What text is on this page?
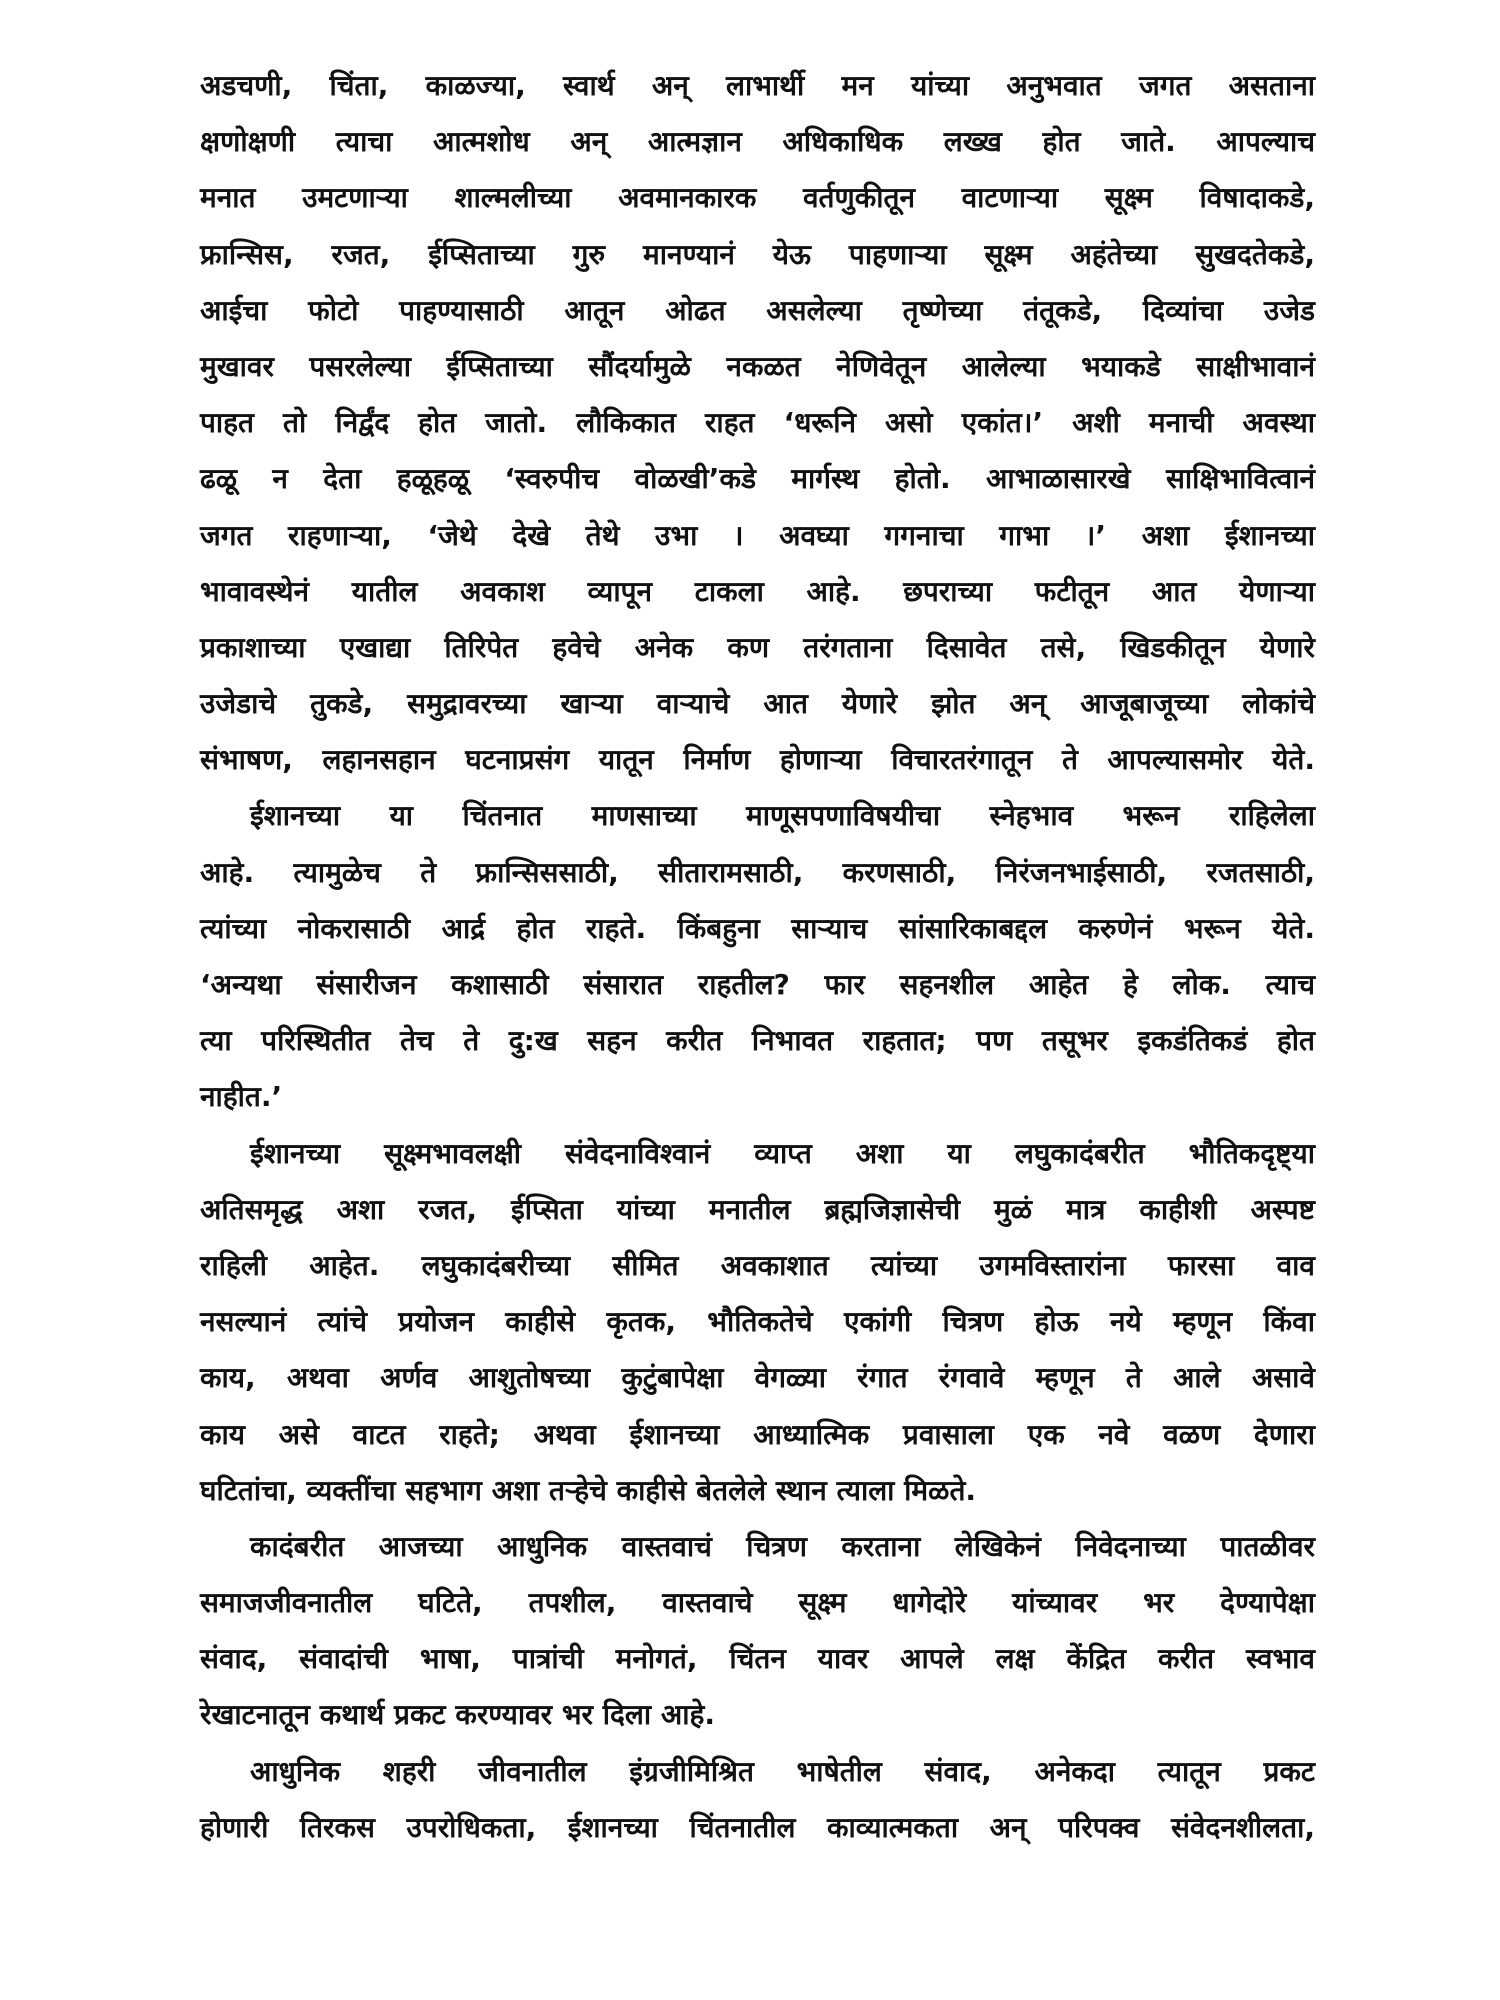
अडचणी, चिंता, काळज्या, स्वार्थ अन् लाभार्थी मन यांच्या अनुभवात जगत असताना
क्षणोक्षणी त्याचा आत्मशोध अन् आत्मज्ञान अधिकाधिक लख्ख होत जाते. आपल्याच
मनात उमटणाऱ्या शाल्मलीच्या अवमानकारक वर्तणुकीतून वाटणाऱ्या सूक्ष्म विषादाकडे,
फ्रान्सिस, रजत, ईप्सिताच्या गुरु मानण्यानं येऊ पाहणाऱ्या सूक्ष्म अहंतेच्या सुखदतेकडे,
आईचा फोटो पाहण्यासाठी आतून ओढत असलेल्या तृष्णेच्या तंतूकडे, दिव्यांचा उजेड
मुखावर पसरलेल्या ईप्सिताच्या सौंदर्यामुळे नकळत नेणिवेतून आलेल्या भयाकडे साक्षीभावानं
पाहत तो निर्द्वंद होत जातो. लौकिकात राहत ‘धरूनि असो एकांत।’ अशी मनाची अवस्था
ढळू न देता हळूहळू ‘स्वरुपीच वोळखी’कडे मार्गस्थ होतो. आभाळासारखे साक्षिभावित्वानं
जगत राहणाऱ्या, ‘जेथे देखे तेथे उभा । अवघ्या गगनाचा गाभा ।’ अशा ईशानच्या
भावावस्थेनं यातील अवकाश व्यापून टाकला आहे. छपराच्या फटीतून आत येणाऱ्या
प्रकाशाच्या एखाद्या तिरिपेत हवेचे अनेक कण तरंगताना दिसावेत तसे, खिडकीतून येणारे
उजेडाचे तुकडे, समुद्रावरच्या खाऱ्या वाऱ्याचे आत येणारे झोत अन् आजूबाजूच्या लोकांचे
संभाषण, लहानसहान घटनाप्रसंग यातून निर्माण होणाऱ्या विचारतरंगातून ते आपल्यासमोर येते.
ईशानच्या या चिंतनात माणसाच्या माणूसपणाविषयीचा स्नेहभाव भरून राहिलेला
आहे. त्यामुळेच ते फ्रान्सिससाठी, सीतारामसाठी, करणसाठी, निरंजनभाईसाठी, रजतसाठी,
त्यांच्या नोकरासाठी आर्द्र होत राहते. किंबहुना साऱ्याच सांसारिकाबद्दल करुणेनं भरून येते.
‘अन्यथा संसारीजन कशासाठी संसारात राहतील? फार सहनशील आहेत हे लोक. त्याच
त्या परिस्थितीत तेच ते दु:ख सहन करीत निभावत राहतात; पण तसूभर इकडंतिकडं होत
नाहीत.’
ईशानच्या सूक्ष्मभावलक्षी संवेदनाविश्वानं व्याप्त अशा या लघुकादंबरीत भौतिकदृष्ट्या
अतिसमृद्ध अशा रजत, ईप्सिता यांच्या मनातील ब्रह्मजिज्ञासेची मुळं मात्र काहीशी अस्पष्ट
राहिली आहेत. लघुकादंबरीच्या सीमित अवकाशात त्यांच्या उगमविस्तारांना फारसा वाव
नसल्यानं त्यांचे प्रयोजन काहीसे कृतक, भौतिकतेचे एकांगी चित्रण होऊ नये म्हणून किंवा
काय, अथवा अर्णव आशुतोषच्या कुटुंबापेक्षा वेगळ्या रंगात रंगवावे म्हणून ते आले असावे
काय असे वाटत राहते; अथवा ईशानच्या आध्यात्मिक प्रवासाला एक नवे वळण देणारा
घटितांचा, व्यक्तींचा सहभाग अशा तऱ्हेचे काहीसे बेतलेले स्थान त्याला मिळते.
कादंबरीत आजच्या आधुनिक वास्तवाचं चित्रण करताना लेखिकेनं निवेदनाच्या पातळीवर
समाजजीवनातील घटिते, तपशील, वास्तवाचे सूक्ष्म धागेदोरे यांच्यावर भर देण्यापेक्षा
संवाद, संवादांची भाषा, पात्रांची मनोगतं, चिंतन यावर आपले लक्ष केंद्रित करीत स्वभाव
रेखाटनातून कथार्थ प्रकट करण्यावर भर दिला आहे.
आधुनिक शहरी जीवनातील इंग्रजीमिश्रित भाषेतील संवाद, अनेकदा त्यातून प्रकट
होणारी तिरकस उपरोधिकता, ईशानच्या चिंतनातील काव्यात्मकता अन् परिपक्व संवेदनशीलता,
